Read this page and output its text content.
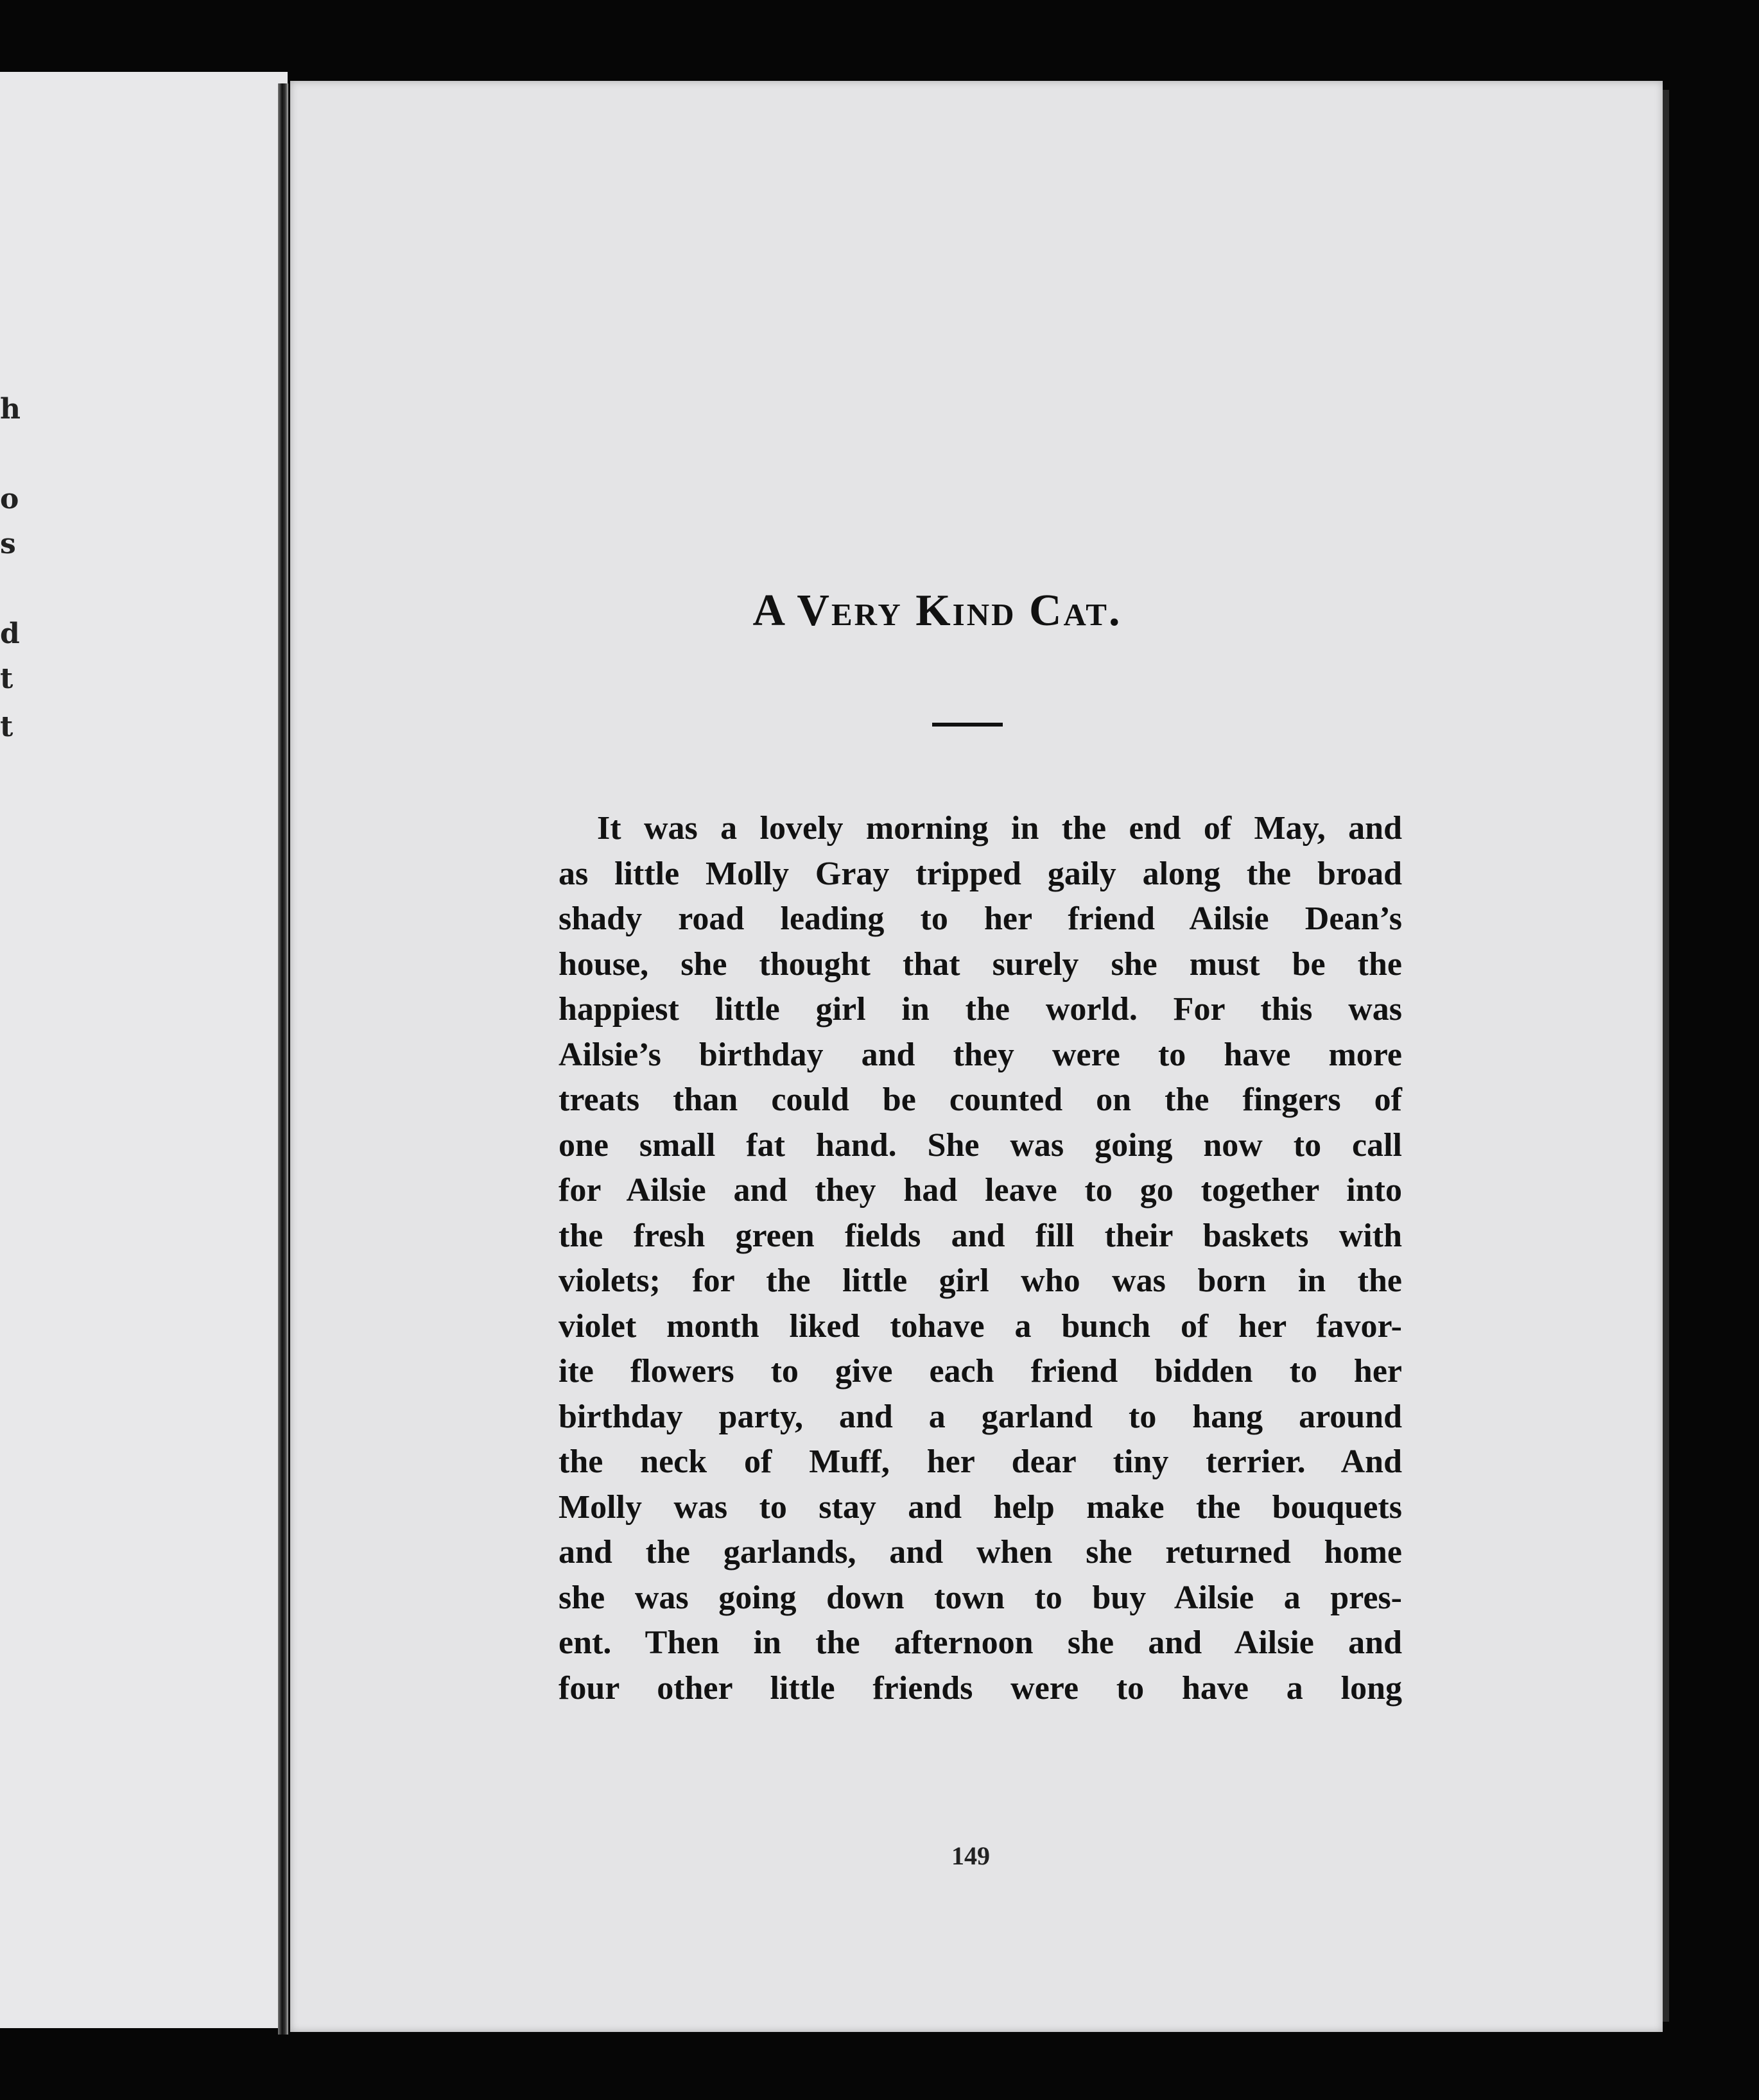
h
o
s
d
t
t
A Very Kind Cat.
It was a lovely morning in the end of May, and
as little Molly Gray tripped gaily along the broad
shady road leading to her friend Ailsie Dean’s
house, she thought that surely she must be the
happiest little girl in the world. For this was
Ailsie’s birthday and they were to have more
treats than could be counted on the fingers of
one small fat hand. She was going now to call
for Ailsie and they had leave to go together into
the fresh green fields and fill their baskets with
violets; for the little girl who was born in the
violet month liked tohave a bunch of her favor-
ite flowers to give each friend bidden to her
birthday party, and a garland to hang around
the neck of Muff, her dear tiny terrier. And
Molly was to stay and help make the bouquets
and the garlands, and when she returned home
she was going down town to buy Ailsie a pres-
ent. Then in the afternoon she and Ailsie and
four other little friends were to have a long
149
